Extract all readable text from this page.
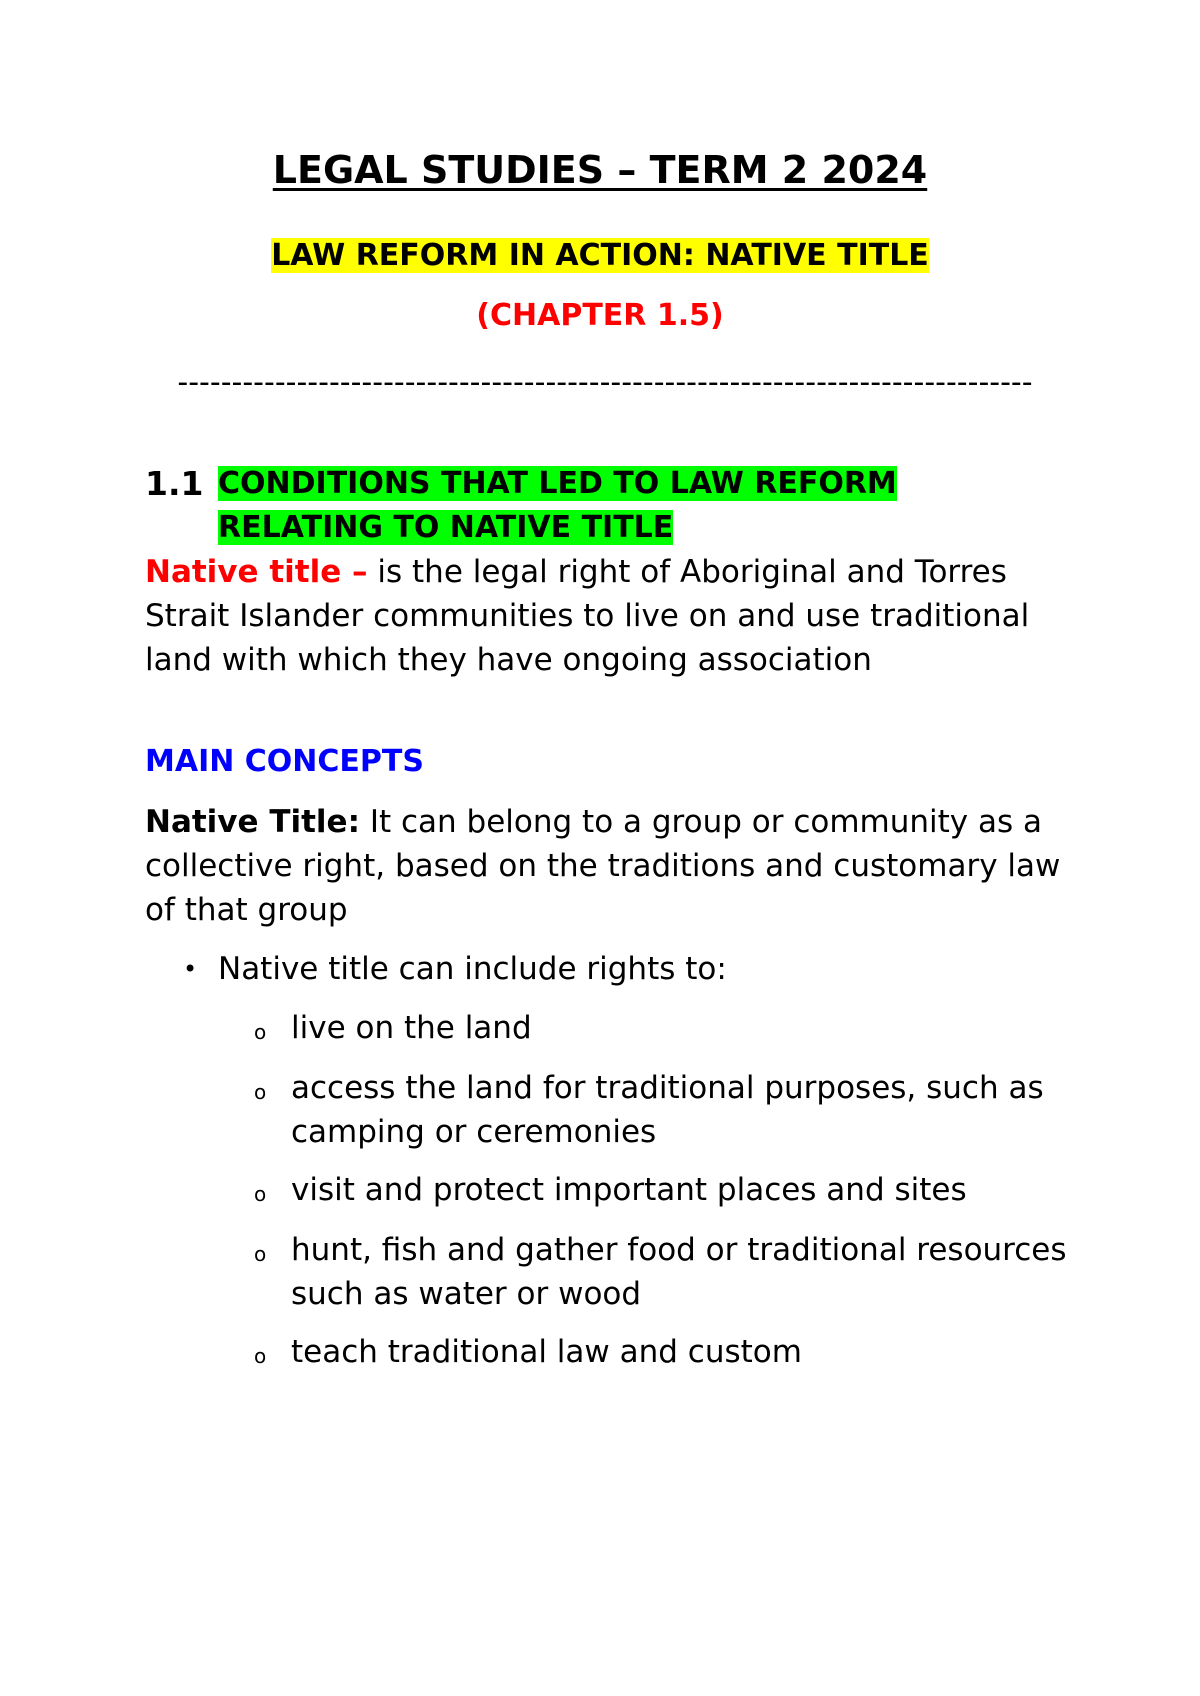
LEGAL STUDIES – TERM 2 2024
LAW REFORM IN ACTION: NATIVE TITLE
(CHAPTER 1.5)
-------------------------------------------------------------------------------
1.1 CONDITIONS THAT LED TO LAW REFORM RELATING TO NATIVE TITLE
Native title – is the legal right of Aboriginal and Torres Strait Islander communities to live on and use traditional land with which they have ongoing association
MAIN CONCEPTS
Native Title: It can belong to a group or community as a collective right, based on the traditions and customary law of that group
• Native title can include rights to:
o live on the land
o access the land for traditional purposes, such as camping or ceremonies
o visit and protect important places and sites
o hunt, fish and gather food or traditional resources such as water or wood
o teach traditional law and custom
